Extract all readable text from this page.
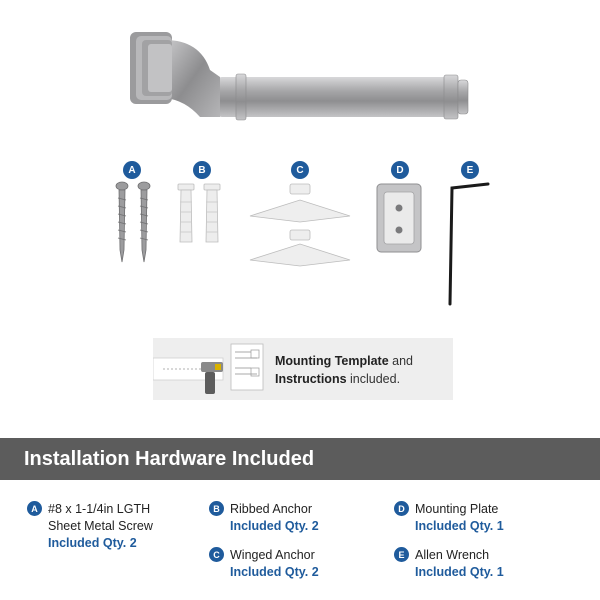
A	B	C	D	E
Mounting Template and
Instructions included.
Installation Hardware Included
A #8 x 1-1/4in LGTH
Sheet Metal Screw
Included Qty. 2
B Ribbed Anchor
Included Qty. 2
C Winged Anchor
Included Qty. 2
D Mounting Plate
Included Qty. 1
E Allen Wrench
Included Qty. 1
